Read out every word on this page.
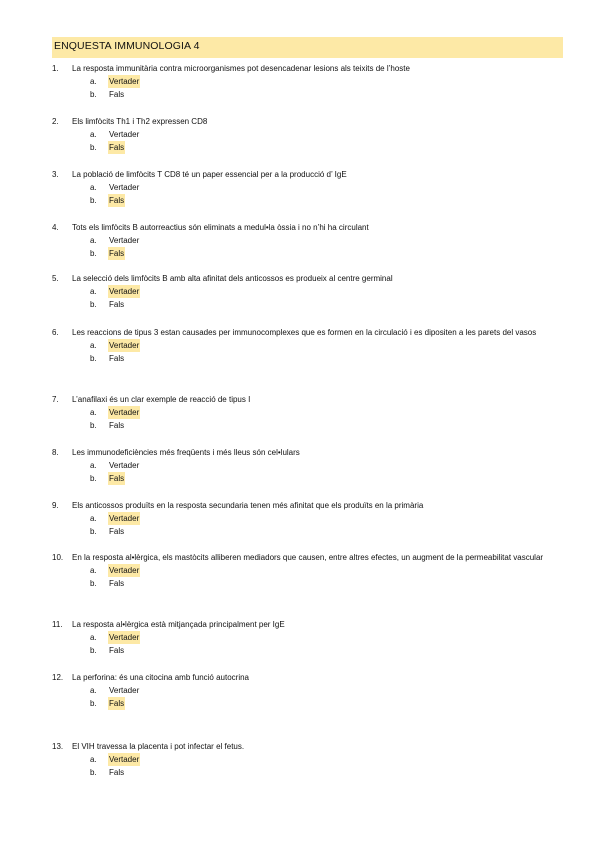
ENQUESTA IMMUNOLOGIA 4
1.	La resposta immunitària contra microorganismes pot desencadenar lesions als teixits de l’hoste
a. Vertader
b. Fals
2.	Els limfòcits Th1 i Th2 expressen CD8
a. Vertader
b. Fals
3.	La població de limfòcits T CD8 té un paper essencial per a la producció d’ IgE
a. Vertader
b. Fals
4.	Tots els limfòcits B autorreactius són eliminats a medul•la òssia i no n’hi ha circulant
a. Vertader
b. Fals
5.	La selecció dels limfòcits B amb alta afinitat dels anticossos es produeix al centre germinal
a. Vertader
b. Fals
6.	Les reaccions de tipus 3 estan causades per immunocomplexes que es formen en la circulació i es dipositen a les parets del vasos
a. Vertader
b. Fals
7.	L’anafilaxi és un clar exemple de reacció de tipus I
a. Vertader
b. Fals
8.	Les immunodeficiències més freqüents i més lleus són cel•lulars
a. Vertader
b. Fals
9.	Els anticossos produïts en la resposta secundaria tenen més afinitat que els produïts en la primària
a. Vertader
b. Fals
10.	En la resposta al•lèrgica, els mastòcits alliberen mediadors que causen, entre altres efectes, un augment de la permeabilitat vascular
a. Vertader
b. Fals
11.	La resposta al•lèrgica està mitjançada principalment per IgE
a. Vertader
b. Fals
12.	La perforina: és una citocina amb funció autocrina
a. Vertader
b. Fals
13.	El VIH travessa la placenta i pot infectar el fetus.
a. Vertader
b. Fals
